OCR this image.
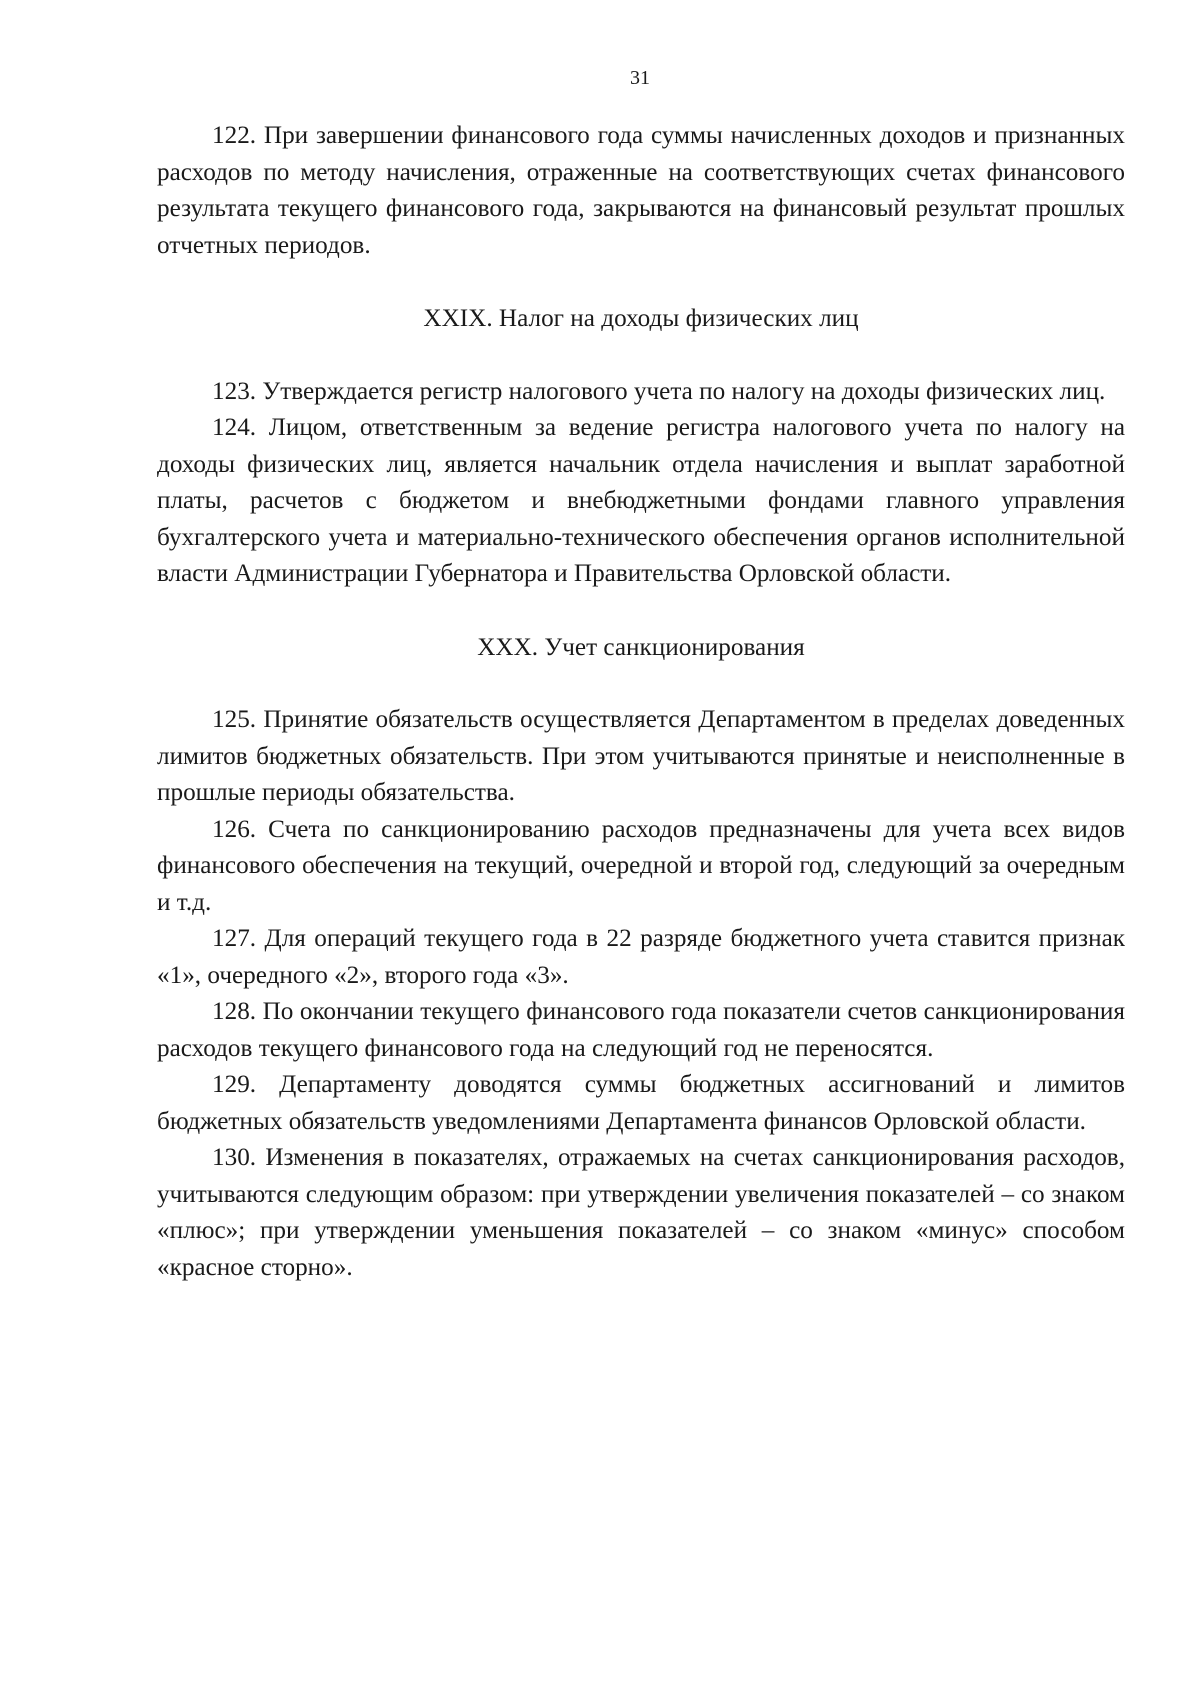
31

122. При завершении финансового года суммы начисленных доходов и признанных расходов по методу начисления, отраженные на соответствующих счетах финансового результата текущего финансового года, закрываются на финансовый результат прошлых отчетных периодов.

XXIX. Налог на доходы физических лиц

123. Утверждается регистр налогового учета по налогу на доходы физических лиц.

124. Лицом, ответственным за ведение регистра налогового учета по налогу на доходы физических лиц, является начальник отдела начисления и выплат заработной платы, расчетов с бюджетом и внебюджетными фондами главного управления бухгалтерского учета и материально-технического обеспечения органов исполнительной власти Администрации Губернатора и Правительства Орловской области.

XXX. Учет санкционирования

125. Принятие обязательств осуществляется Департаментом в пределах доведенных лимитов бюджетных обязательств. При этом учитываются принятые и неисполненные в прошлые периоды обязательства.

126. Счета по санкционированию расходов предназначены для учета всех видов финансового обеспечения на текущий, очередной и второй год, следующий за очередным и т.д.

127. Для операций текущего года в 22 разряде бюджетного учета ставится признак «1», очередного «2», второго года «3».

128. По окончании текущего финансового года показатели счетов санкционирования расходов текущего финансового года на следующий год не переносятся.

129. Департаменту доводятся суммы бюджетных ассигнований и лимитов бюджетных обязательств уведомлениями Департамента финансов Орловской области.

130. Изменения в показателях, отражаемых на счетах санкционирования расходов, учитываются следующим образом: при утверждении увеличения показателей – со знаком «плюс»; при утверждении уменьшения показателей – со знаком «минус» способом «красное сторно».
